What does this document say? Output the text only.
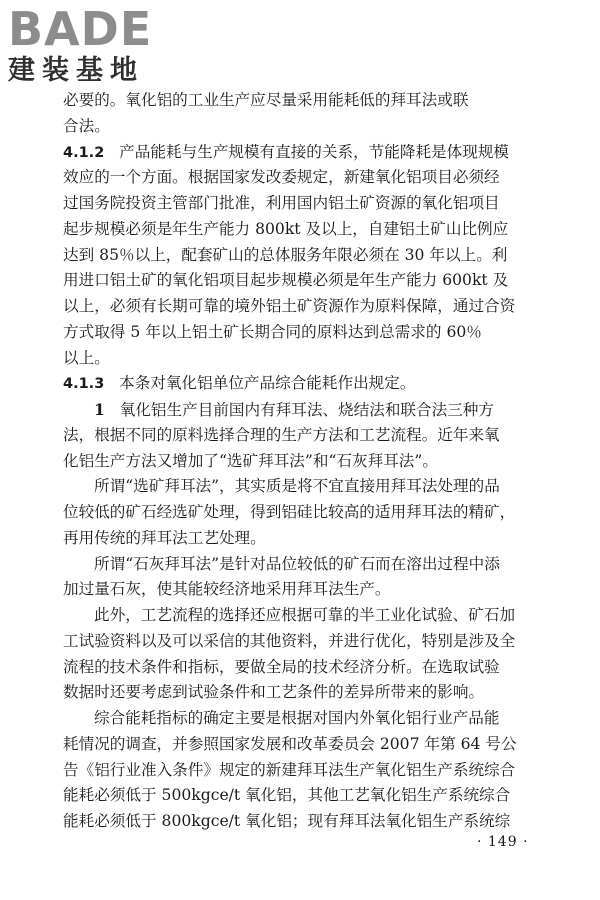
BADE
建装基地
必要的。氧化铝的工业生产应尽量采用能耗低的拜耳法或联
合法。
4.1.2 产品能耗与生产规模有直接的关系，节能降耗是体现规模
效应的一个方面。根据国家发改委规定，新建氧化铝项目必须经
过国务院投资主管部门批准，利用国内铝土矿资源的氧化铝项目
起步规模必须是年生产能力 800kt 及以上，自建铝土矿山比例应
达到 85％以上，配套矿山的总体服务年限必须在 30 年以上。利
用进口铝土矿的氧化铝项目起步规模必须是年生产能力 600kt 及
以上，必须有长期可靠的境外铝土矿资源作为原料保障，通过合资
方式取得 5 年以上铝土矿长期合同的原料达到总需求的 60％
以上。
4.1.3 本条对氧化铝单位产品综合能耗作出规定。
1 氧化铝生产目前国内有拜耳法、烧结法和联合法三种方
法，根据不同的原料选择合理的生产方法和工艺流程。近年来氧
化铝生产方法又增加了“选矿拜耳法”和“石灰拜耳法”。
所谓“选矿拜耳法”，其实质是将不宜直接用拜耳法处理的品
位较低的矿石经选矿处理，得到铝硅比较高的适用拜耳法的精矿，
再用传统的拜耳法工艺处理。
所谓“石灰拜耳法”是针对品位较低的矿石而在溶出过程中添
加过量石灰，使其能较经济地采用拜耳法生产。
此外，工艺流程的选择还应根据可靠的半工业化试验、矿石加
工试验资料以及可以采信的其他资料，并进行优化，特别是涉及全
流程的技术条件和指标，要做全局的技术经济分析。在选取试验
数据时还要考虑到试验条件和工艺条件的差异所带来的影响。
综合能耗指标的确定主要是根据对国内外氧化铝行业产品能
耗情况的调查，并参照国家发展和改革委员会 2007 年第 64 号公
告《铝行业准入条件》规定的新建拜耳法生产氧化铝生产系统综合
能耗必须低于 500kgce/t 氧化铝，其他工艺氧化铝生产系统综合
能耗必须低于 800kgce/t 氧化铝；现有拜耳法氧化铝生产系统综
· 149 ·
